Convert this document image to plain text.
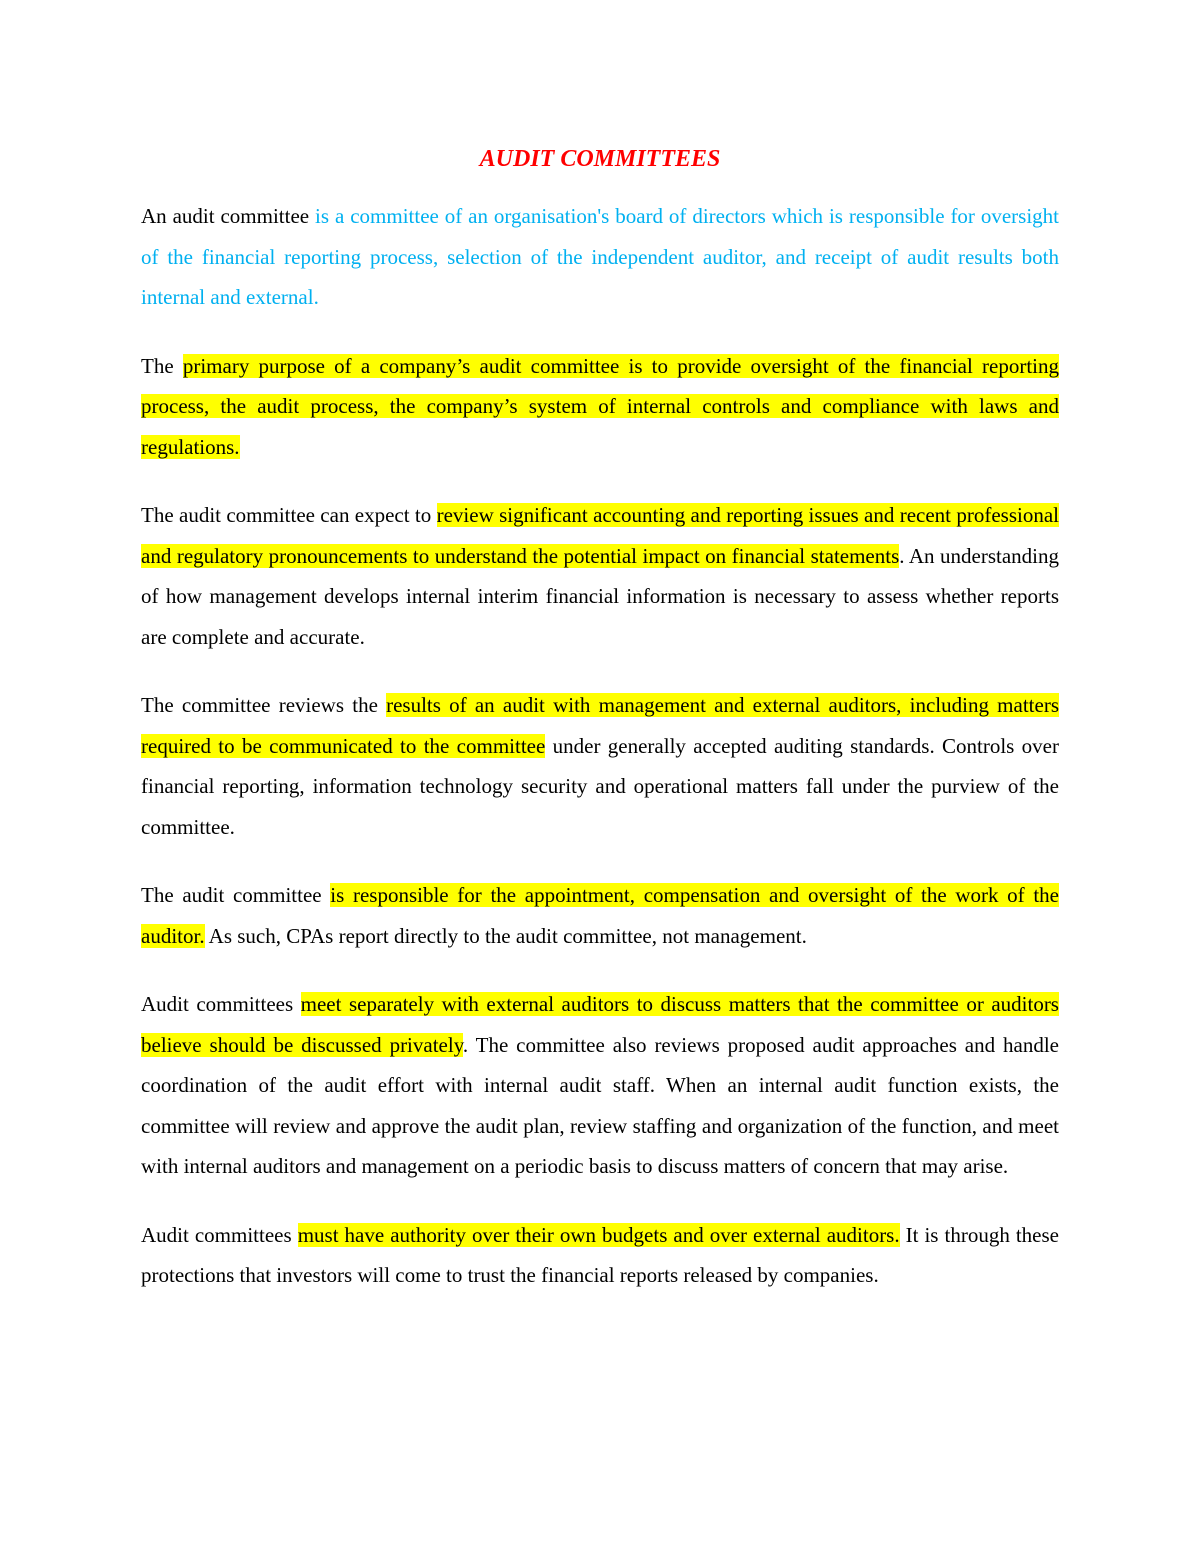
AUDIT COMMITTEES
An audit committee is a committee of an organisation's board of directors which is responsible for oversight of the financial reporting process, selection of the independent auditor, and receipt of audit results both internal and external.
The primary purpose of a company’s audit committee is to provide oversight of the financial reporting process, the audit process, the company’s system of internal controls and compliance with laws and regulations.
The audit committee can expect to review significant accounting and reporting issues and recent professional and regulatory pronouncements to understand the potential impact on financial statements. An understanding of how management develops internal interim financial information is necessary to assess whether reports are complete and accurate.
The committee reviews the results of an audit with management and external auditors, including matters required to be communicated to the committee under generally accepted auditing standards. Controls over financial reporting, information technology security and operational matters fall under the purview of the committee.
The audit committee is responsible for the appointment, compensation and oversight of the work of the auditor. As such, CPAs report directly to the audit committee, not management.
Audit committees meet separately with external auditors to discuss matters that the committee or auditors believe should be discussed privately. The committee also reviews proposed audit approaches and handle coordination of the audit effort with internal audit staff. When an internal audit function exists, the committee will review and approve the audit plan, review staffing and organization of the function, and meet with internal auditors and management on a periodic basis to discuss matters of concern that may arise.
Audit committees must have authority over their own budgets and over external auditors. It is through these protections that investors will come to trust the financial reports released by companies.
